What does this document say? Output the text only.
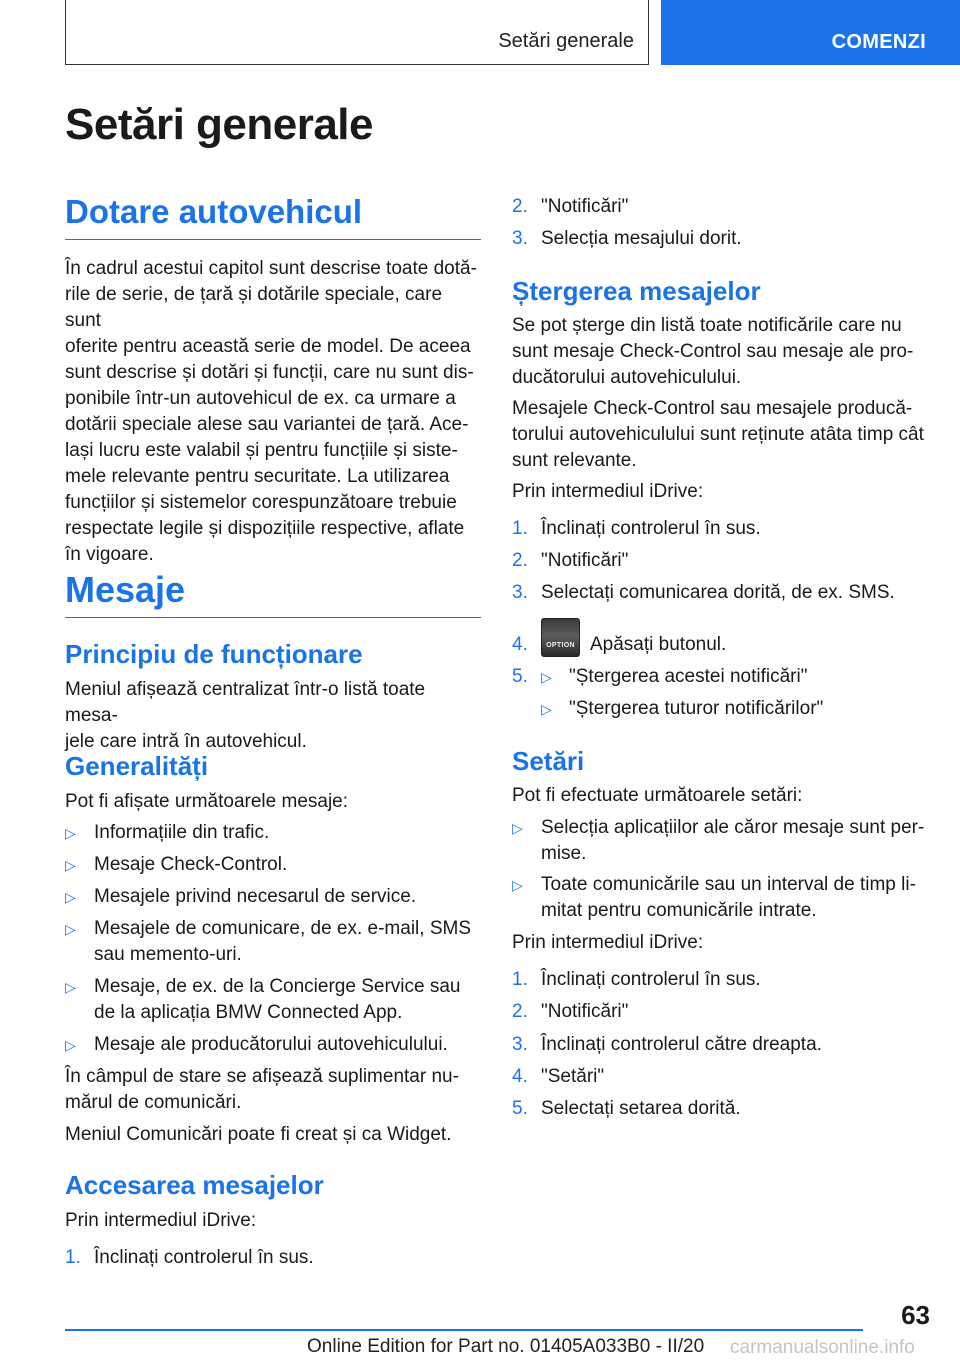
Setări generale	COMENZI
Setări generale
Dotare autovehicul
În cadrul acestui capitol sunt descrise toate dotă-
rile de serie, de țară și dotările speciale, care sunt
oferite pentru această serie de model. De aceea
sunt descrise și dotări și funcții, care nu sunt dis-
ponibile într-un autovehicul de ex. ca urmare a
dotării speciale alese sau variantei de țară. Ace-
lași lucru este valabil și pentru funcțiile și siste-
mele relevante pentru securitate. La utilizarea
funcțiilor și sistemelor corespunzătoare trebuie
respectate legile și dispozițiile respective, aflate
în vigoare.
Mesaje
Principiu de funcționare
Meniul afișează centralizat într-o listă toate mesa-
jele care intră în autovehicul.
Generalități
Pot fi afișate următoarele mesaje:
▷ Informațiile din trafic.
▷ Mesaje Check-Control.
▷ Mesajele privind necesarul de service.
▷ Mesajele de comunicare, de ex. e-mail, SMS
sau memento-uri.
▷ Mesaje, de ex. de la Concierge Service sau
de la aplicația BMW Connected App.
▷ Mesaje ale producătorului autovehiculului.
În câmpul de stare se afișează suplimentar nu-
mărul de comunicări.
Meniul Comunicări poate fi creat și ca Widget.
Accesarea mesajelor
Prin intermediul iDrive:
1. Înclinați controlerul în sus.
2. "Notificări"
3. Selecția mesajului dorit.
Ștergerea mesajelor
Se pot șterge din listă toate notificările care nu
sunt mesaje Check-Control sau mesaje ale pro-
ducătorului autovehiculului.
Mesajele Check-Control sau mesajele producă-
torului autovehiculului sunt reținute atâta timp cât
sunt relevante.
Prin intermediul iDrive:
1. Înclinați controlerul în sus.
2. "Notificări"
3. Selectați comunicarea dorită, de ex. SMS.
4.	OPTION Apăsați butonul.
5. ▷ "Ștergerea acestei notificări"
▷ "Ștergerea tuturor notificărilor"
Setări
Pot fi efectuate următoarele setări:
▷ Selecția aplicațiilor ale căror mesaje sunt per-
mise.
▷ Toate comunicările sau un interval de timp li-
mitat pentru comunicările intrate.
Prin intermediul iDrive:
1. Înclinați controlerul în sus.
2. "Notificări"
3. Înclinați controlerul către dreapta.
4. "Setări"
5. Selectați setarea dorită.
63
Online Edition for Part no. 01405A033B0 - II/20 carmanualsonline.info
